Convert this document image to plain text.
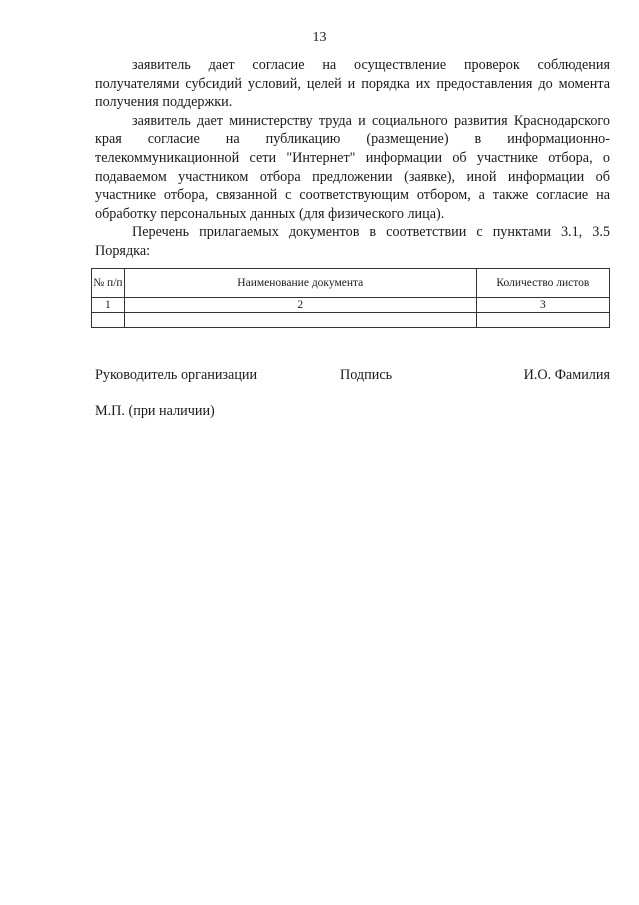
13

заявитель дает согласие на осуществление проверок соблюдения получателями субсидий условий, целей и порядка их предоставления до момента получения поддержки.

заявитель дает министерству труда и социального развития Краснодарского края согласие на публикацию (размещение) в информационно-телекоммуникационной сети "Интернет" информации об участнике отбора, о подаваемом участником отбора предложении (заявке), иной информации об участнике отбора, связанной с соответствующим отбором, а также согласие на обработку персональных данных (для физического лица).

Перечень прилагаемых документов в соответствии с пунктами 3.1, 3.5 Порядка:

№ п/п	Наименование документа	Количество листов
1	2	3

Руководитель организации	Подпись	И.О. Фамилия
М.П. (при наличии)
